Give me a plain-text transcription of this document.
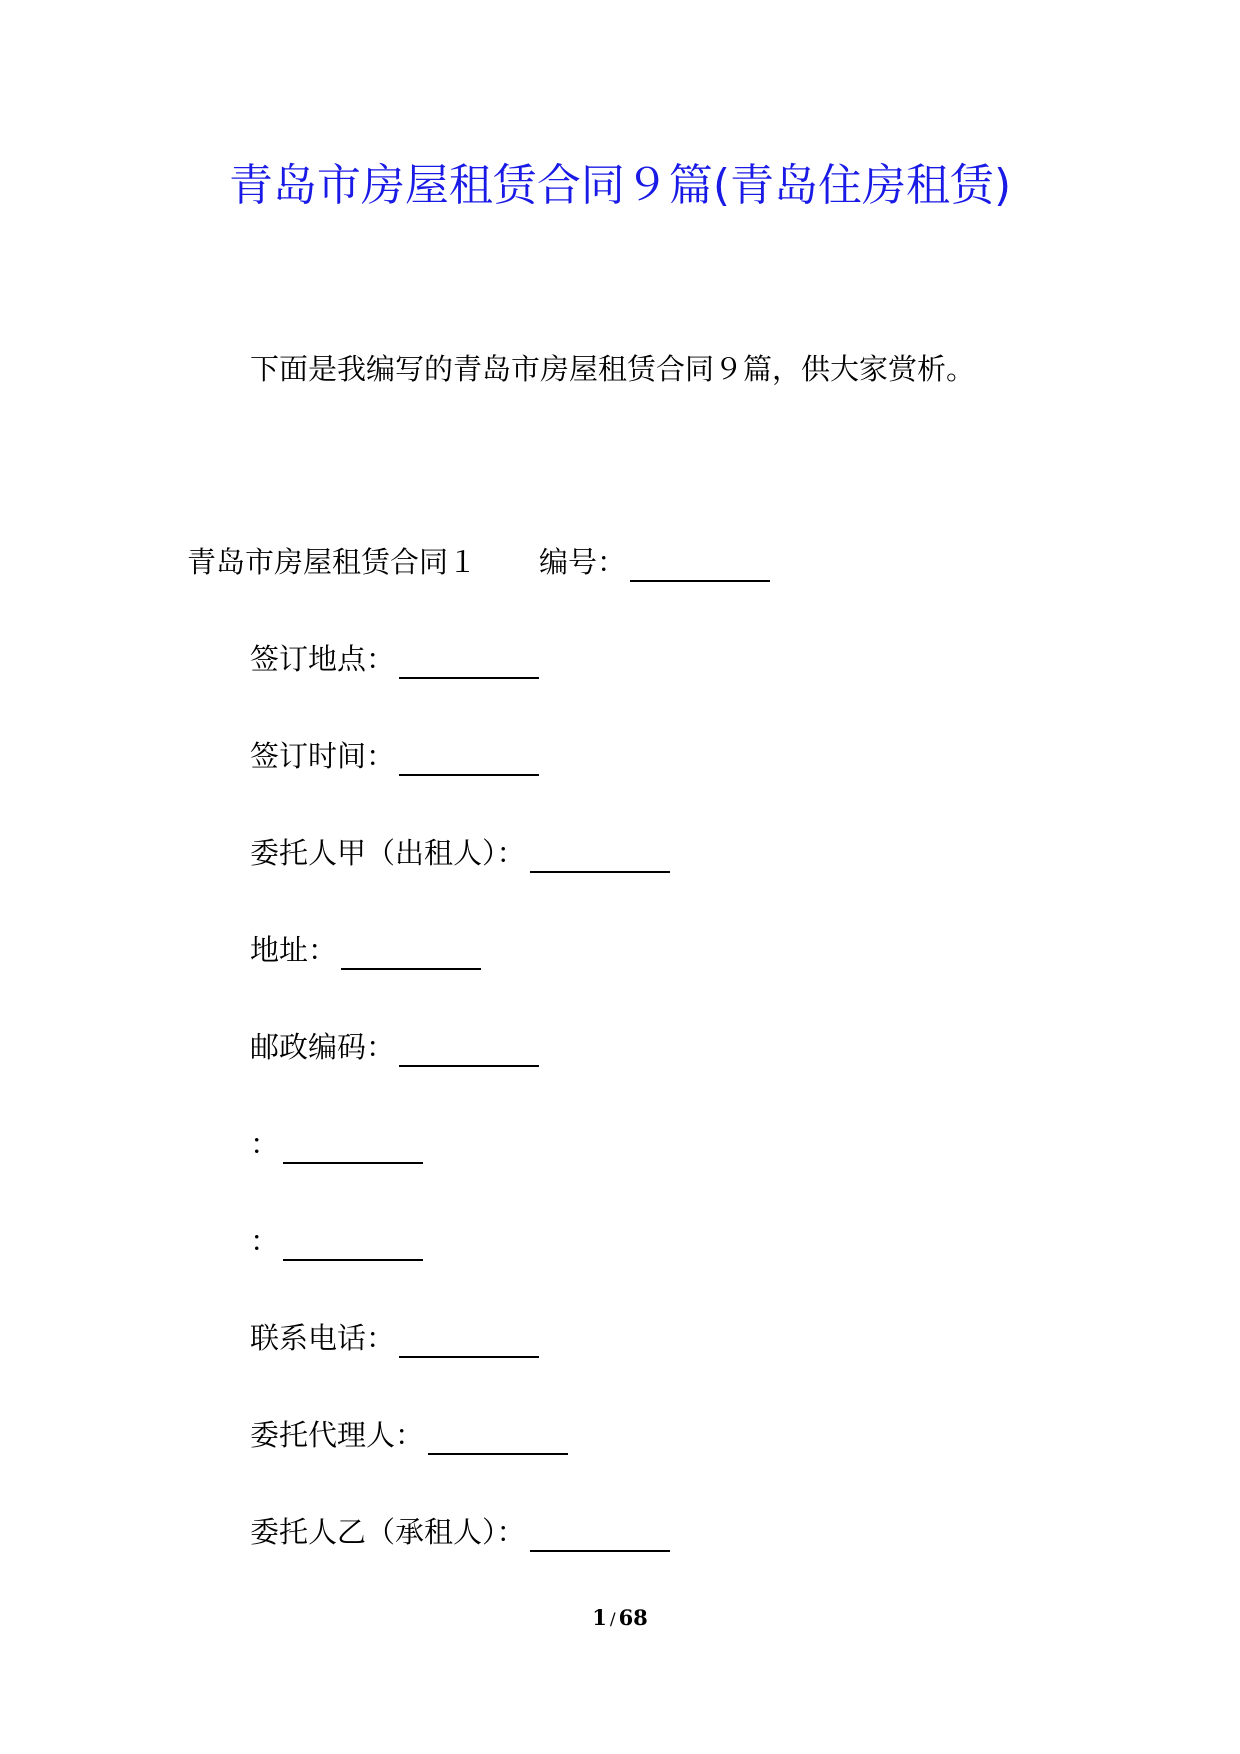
青岛市房屋租赁合同９篇(青岛住房租赁)
下面是我编写的青岛市房屋租赁合同９篇，供大家赏析。
青岛市房屋租赁合同１ 编号：
签订地点：
签订时间：
委托人甲（出租人）：
地址：
邮政编码：
：
：
联系电话：
委托代理人：
委托人乙（承租人）：
1 / 68
